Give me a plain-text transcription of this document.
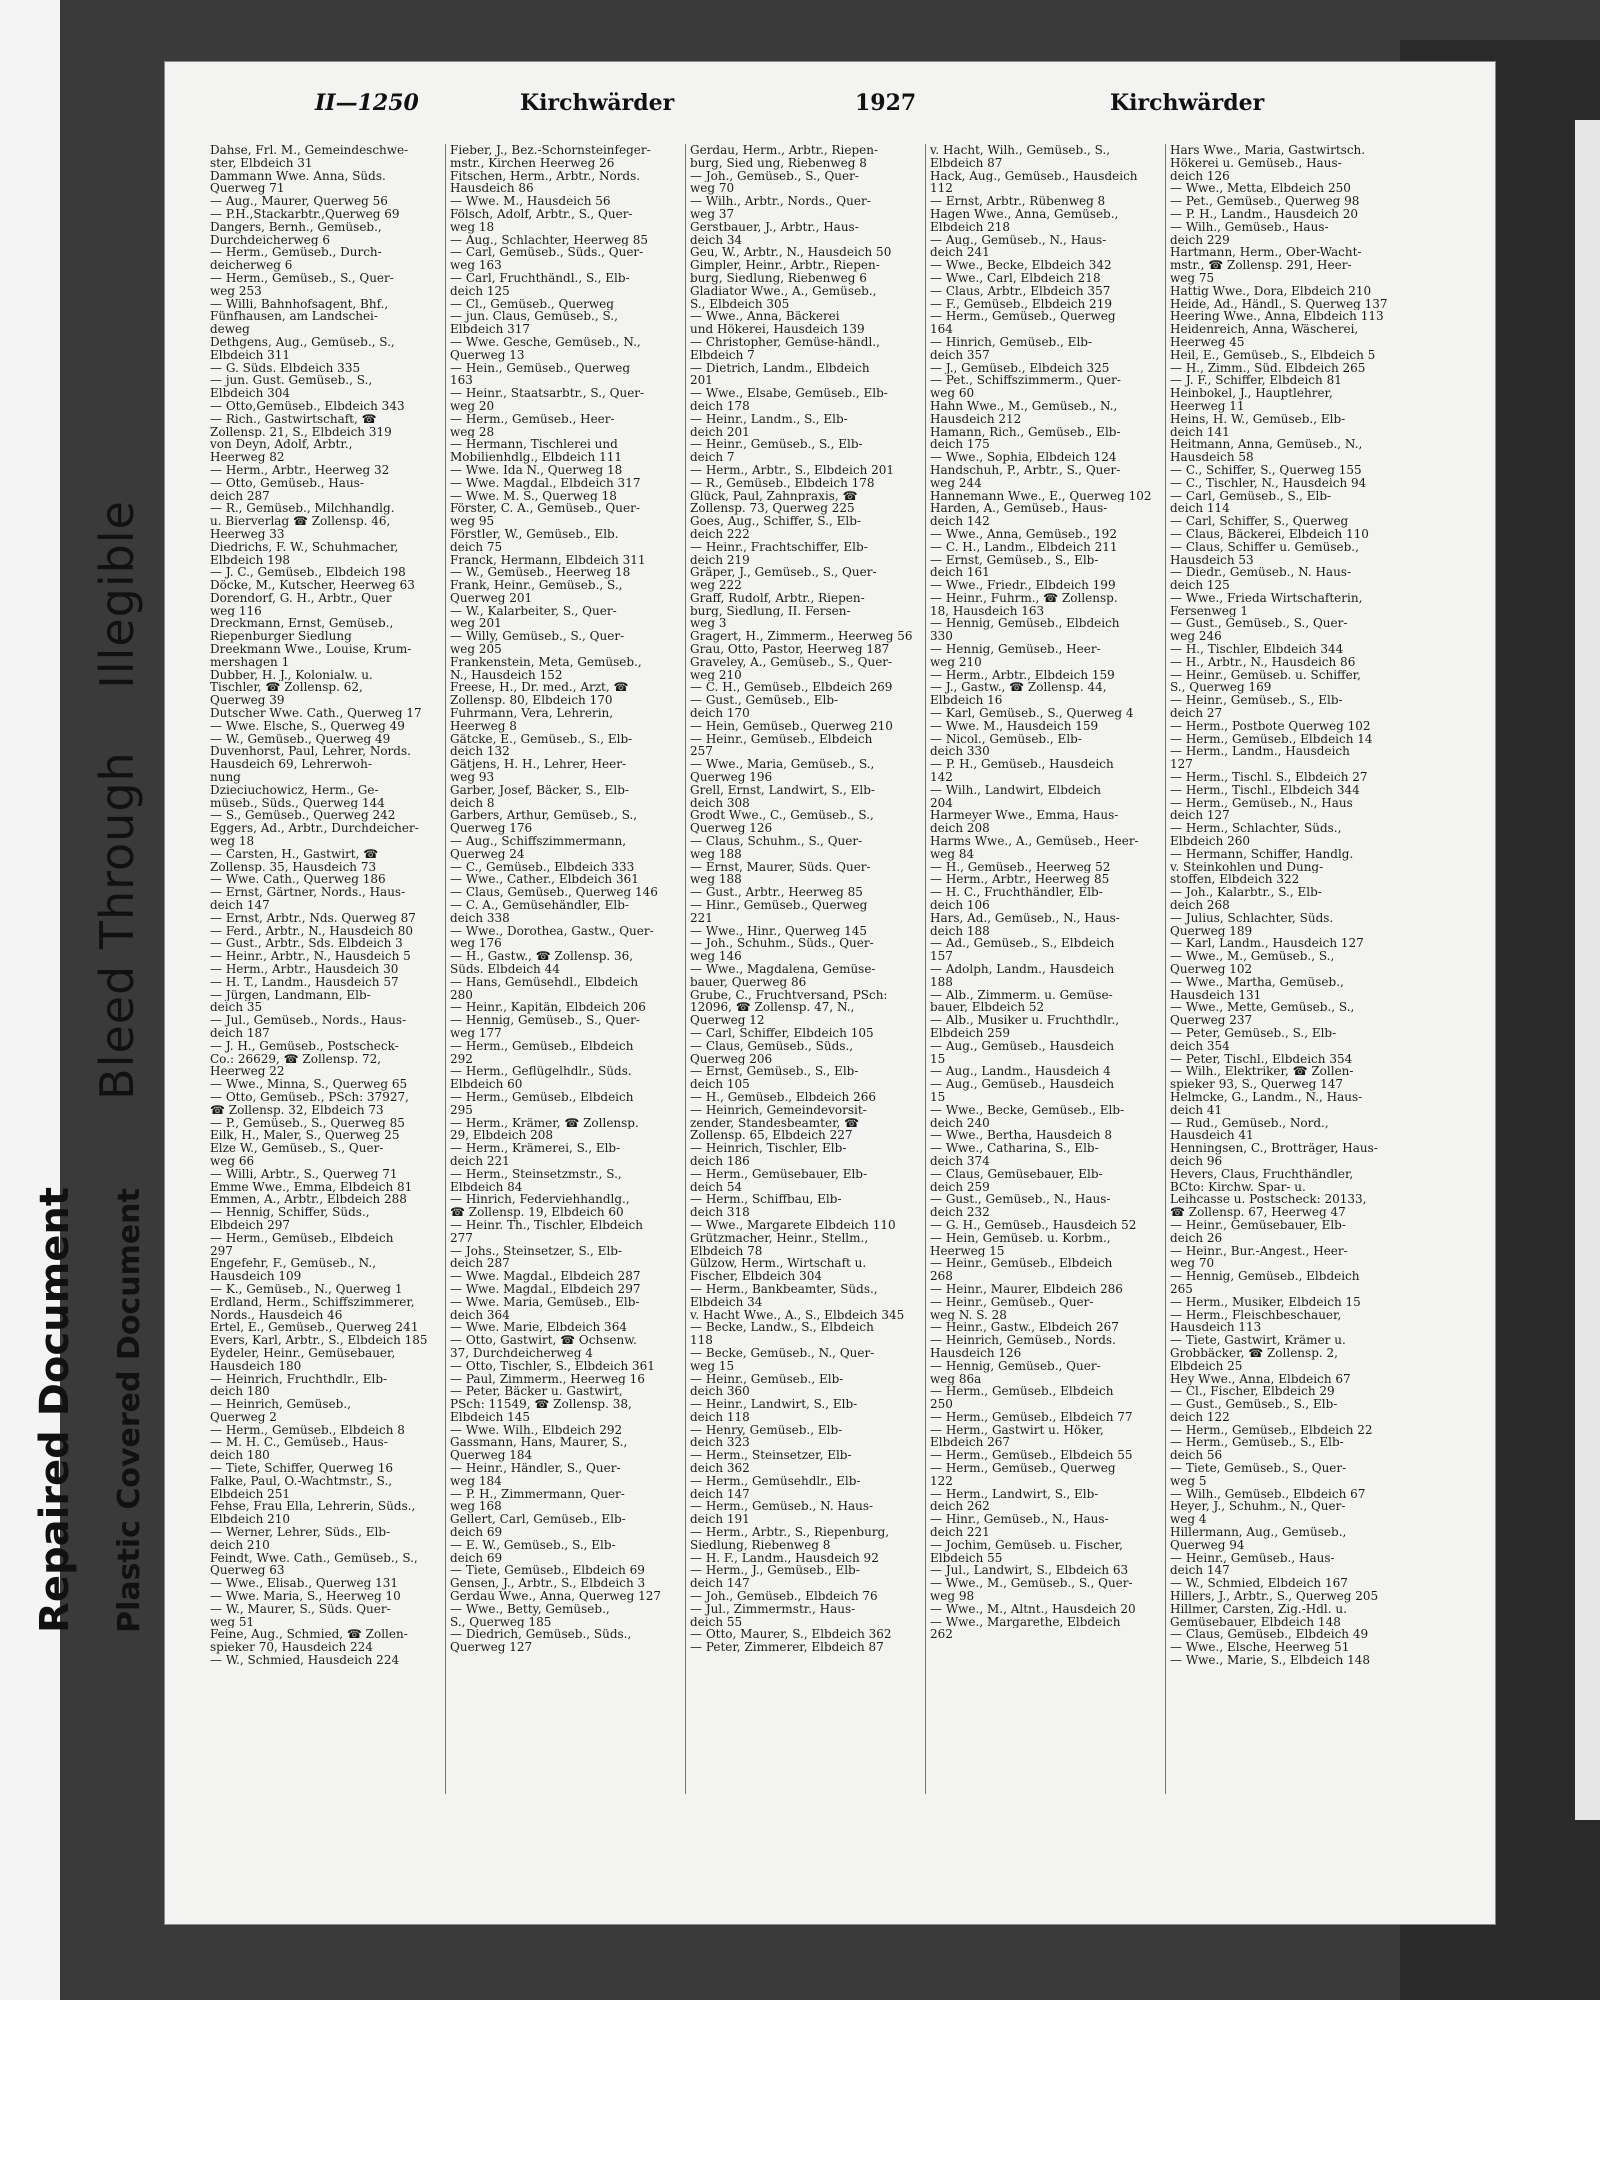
Bleed Through    Illegible
Repaired Document Plastic Covered Document
II—1250	Kirchwärder	1927	Kirchwärder
Dahse, Frl. M., Gemeindeschwe-
ster, Elbdeich 31
Dammann Wwe. Anna, Süds.
Querweg 71
— Aug., Maurer, Querweg 56
— P.H.,Stackarbtr.,Querweg 69
Dangers, Bernh., Gemüseb.,
Durchdeicherweg 6
— Herm., Gemüseb., Durch-
deicherweg 6
— Herm., Gemüseb., S., Quer-
weg 253
— Willi, Bahnhofsagent, Bhf.,
Fünfhausen, am Landschei-
deweg
Dethgens, Aug., Gemüseb., S.,
Elbdeich 311
— G. Süds. Elbdeich 335
— jun. Gust. Gemüseb., S.,
Elbdeich 304
— Otto,Gemüseb., Elbdeich 343
— Rich., Gastwirtschaft, ☎
Zollensp. 21, S., Elbdeich 319
von Deyn, Adolf, Arbtr.,
Heerweg 82
— Herm., Arbtr., Heerweg 32
— Otto, Gemüseb., Haus-
deich 287
— R., Gemüseb., Milchhandlg.
u. Bierverlag ☎ Zollensp. 46,
Heerweg 33
Diedrichs, F. W., Schuhmacher,
Elbdeich 198
— J. C., Gemüseb., Elbdeich 198
Döcke, M., Kutscher, Heerweg 63
Dorendorf, G. H., Arbtr., Quer
weg 116
Dreckmann, Ernst, Gemüseb.,
Riepenburger Siedlung
Dreekmann Wwe., Louise, Krum-
mershagen 1
Dubber, H. J., Kolonialw. u.
Tischler, ☎ Zollensp. 62,
Querweg 39
Dutscher Wwe. Cath., Querweg 17
— Wwe. Elsche, S., Querweg 49
— W., Gemüseb., Querweg 49
Duvenhorst, Paul, Lehrer, Nords.
Hausdeich 69, Lehrerwoh-
nung
Dzieciuchowicz, Herm., Ge-
müseb., Süds., Querweg 144
— S., Gemüseb., Querweg 242
Eggers, Ad., Arbtr., Durchdeicher-
weg 18
— Carsten, H., Gastwirt, ☎
Zollensp. 35, Hausdeich 73
— Wwe. Cath., Querweg 186
— Ernst, Gärtner, Nords., Haus-
deich 147
— Ernst, Arbtr., Nds. Querweg 87
— Ferd., Arbtr., N., Hausdeich 80
— Gust., Arbtr., Sds. Elbdeich 3
— Heinr., Arbtr., N., Hausdeich 5
— Herm., Arbtr., Hausdeich 30
— H. T., Landm., Hausdeich 57
— Jürgen, Landmann, Elb-
deich 35
— Jul., Gemüseb., Nords., Haus-
deich 187
— J. H., Gemüseb., Postscheck-
Co.: 26629, ☎ Zollensp. 72,
Heerweg 22
— Wwe., Minna, S., Querweg 65
— Otto, Gemüseb., PSch: 37927,
☎ Zollensp. 32, Elbdeich 73
— P., Gemüseb., S., Querweg 85
Eilk, H., Maler, S., Querweg 25
Elze W., Gemüseb., S., Quer-
weg 66
— Willi, Arbtr., S., Querweg 71
Emme Wwe., Emma, Elbdeich 81
Emmen, A., Arbtr., Elbdeich 288
— Hennig, Schiffer, Süds.,
Elbdeich 297
— Herm., Gemüseb., Elbdeich
297
Engefehr, F., Gemüseb., N.,
Hausdeich 109
— K., Gemüseb., N., Querweg 1
Erdland, Herm., Schiffszimmerer,
Nords., Hausdeich 46
Ertel, E., Gemüseb., Querweg 241
Evers, Karl, Arbtr., S., Elbdeich 185
Eydeler, Heinr., Gemüsebauer,
Hausdeich 180
— Heinrich, Fruchthdlr., Elb-
deich 180
— Heinrich, Gemüseb.,
Querweg 2
— Herm., Gemüseb., Elbdeich 8
— M. H. C., Gemüseb., Haus-
deich 180
— Tiete, Schiffer, Querweg 16
Falke, Paul, O.-Wachtmstr., S.,
Elbdeich 251
Fehse, Frau Ella, Lehrerin, Süds.,
Elbdeich 210
— Werner, Lehrer, Süds., Elb-
deich 210
Feindt, Wwe. Cath., Gemüseb., S.,
Querweg 63
— Wwe., Elisab., Querweg 131
— Wwe. Maria, S., Heerweg 10
— W., Maurer, S., Süds. Quer-
weg 51
Feine, Aug., Schmied, ☎ Zollen-
spieker 70, Hausdeich 224
— W., Schmied, Hausdeich 224
Fieber, J., Bez.-Schornsteinfeger-
mstr., Kirchen Heerweg 26
Fitschen, Herm., Arbtr., Nords.
Hausdeich 86
— Wwe. M., Hausdeich 56
Fölsch, Adolf, Arbtr., S., Quer-
weg 18
— Aug., Schlachter, Heerweg 85
— Carl, Gemüseb., Süds., Quer-
weg 163
— Carl, Fruchthändl., S., Elb-
deich 125
— Cl., Gemüseb., Querweg
— jun. Claus, Gemüseb., S.,
Elbdeich 317
— Wwe. Gesche, Gemüseb., N.,
Querweg 13
— Hein., Gemüseb., Querweg
163
— Heinr., Staatsarbtr., S., Quer-
weg 20
— Herm., Gemüseb., Heer-
weg 28
— Hermann, Tischlerei und
Mobilienhdlg., Elbdeich 111
— Wwe. Ida N., Querweg 18
— Wwe. Magdal., Elbdeich 317
— Wwe. M. S., Querweg 18
Förster, C. A., Gemüseb., Quer-
weg 95
Förstler, W., Gemüseb., Elb.
deich 75
Franck, Hermann, Elbdeich 311
— W., Gemüseb., Heerweg 18
Frank, Heinr., Gemüseb., S.,
Querweg 201
— W., Kalarbeiter, S., Quer-
weg 201
— Willy, Gemüseb., S., Quer-
weg 205
Frankenstein, Meta, Gemüseb.,
N., Hausdeich 152
Freese, H., Dr. med., Arzt, ☎
Zollensp. 80, Elbdeich 170
Fuhrmann, Vera, Lehrerin,
Heerweg 8
Gätcke, E., Gemüseb., S., Elb-
deich 132
Gätjens, H. H., Lehrer, Heer-
weg 93
Garber, Josef, Bäcker, S., Elb-
deich 8
Garbers, Arthur, Gemüseb., S.,
Querweg 176
— Aug., Schiffszimmermann,
Querweg 24
— C., Gemüseb., Elbdeich 333
— Wwe., Cather., Elbdeich 361
— Claus, Gemüseb., Querweg 146
— C. A., Gemüsehändler, Elb-
deich 338
— Wwe., Dorothea, Gastw., Quer-
weg 176
— H., Gastw., ☎ Zollensp. 36,
Süds. Elbdeich 44
— Hans, Gemüsehdl., Elbdeich
280
— Heinr., Kapitän, Elbdeich 206
— Hennig, Gemüseb., S., Quer-
weg 177
— Herm., Gemüseb., Elbdeich
292
— Herm., Geflügelhdlr., Süds.
Elbdeich 60
— Herm., Gemüseb., Elbdeich
295
— Herm., Krämer, ☎ Zollensp.
29, Elbdeich 208
— Herm., Krämerei, S., Elb-
deich 221
— Herm., Steinsetzmstr., S.,
Elbdeich 84
— Hinrich, Federviehhandlg.,
☎ Zollensp. 19, Elbdeich 60
— Heinr. Th., Tischler, Elbdeich
277
— Johs., Steinsetzer, S., Elb-
deich 287
— Wwe. Magdal., Elbdeich 287
— Wwe. Magdal., Elbdeich 297
— Wwe. Maria, Gemüseb., Elb-
deich 364
— Wwe. Marie, Elbdeich 364
— Otto, Gastwirt, ☎ Ochsenw.
37, Durchdeicherweg 4
— Otto, Tischler, S., Elbdeich 361
— Paul, Zimmerm., Heerweg 16
— Peter, Bäcker u. Gastwirt,
PSch: 11549, ☎ Zollensp. 38,
Elbdeich 145
— Wwe. Wilh., Elbdeich 292
Gassmann, Hans, Maurer, S.,
Querweg 184
— Heinr., Händler, S., Quer-
weg 184
— P. H., Zimmermann, Quer-
weg 168
Gellert, Carl, Gemüseb., Elb-
deich 69
— E. W., Gemüseb., S., Elb-
deich 69
— Tiete, Gemüseb., Elbdeich 69
Gensen, J., Arbtr., S., Elbdeich 3
Gerdau Wwe., Anna, Querweg 127
— Wwe., Betty, Gemüseb.,
S., Querweg 185
— Diedrich, Gemüseb., Süds.,
Querweg 127
Gerdau, Herm., Arbtr., Riepen-
burg, Sied ung, Riebenweg 8
— Joh., Gemüseb., S., Quer-
weg 70
— Wilh., Arbtr., Nords., Quer-
weg 37
Gerstbauer, J., Arbtr., Haus-
deich 34
Geu, W., Arbtr., N., Hausdeich 50
Gimpler, Heinr., Arbtr., Riepen-
burg, Siedlung, Riebenweg 6
Gladiator Wwe., A., Gemüseb.,
S., Elbdeich 305
— Wwe., Anna, Bäckerei
und Hökerei, Hausdeich 139
— Christopher, Gemüse-händl.,
Elbdeich 7
— Dietrich, Landm., Elbdeich
201
— Wwe., Elsabe, Gemüseb., Elb-
deich 178
— Heinr., Landm., S., Elb-
deich 201
— Heinr., Gemüseb., S., Elb-
deich 7
— Herm., Arbtr., S., Elbdeich 201
— R., Gemüseb., Elbdeich 178
Glück, Paul, Zahnpraxis, ☎
Zollensp. 73, Querweg 225
Goes, Aug., Schiffer, S., Elb-
deich 222
— Heinr., Frachtschiffer, Elb-
deich 219
Gräper, J., Gemüseb., S., Quer-
weg 222
Graff, Rudolf, Arbtr., Riepen-
burg, Siedlung, II. Fersen-
weg 3
Gragert, H., Zimmerm., Heerweg 56
Grau, Otto, Pastor, Heerweg 187
Graveley, A., Gemüseb., S., Quer-
weg 210
— C. H., Gemüseb., Elbdeich 269
— Gust., Gemüseb., Elb-
deich 170
— Hein, Gemüseb., Querweg 210
— Heinr., Gemüseb., Elbdeich
257
— Wwe., Maria, Gemüseb., S.,
Querweg 196
Grell, Ernst, Landwirt, S., Elb-
deich 308
Grodt Wwe., C., Gemüseb., S.,
Querweg 126
— Claus, Schuhm., S., Quer-
weg 188
— Ernst, Maurer, Süds. Quer-
weg 188
— Gust., Arbtr., Heerweg 85
— Hinr., Gemüseb., Querweg
221
— Wwe., Hinr., Querweg 145
— Joh., Schuhm., Süds., Quer-
weg 146
— Wwe., Magdalena, Gemüse-
bauer, Querweg 86
Grube, C., Fruchtversand, PSch:
12096, ☎ Zollensp. 47, N.,
Querweg 12
— Carl, Schiffer, Elbdeich 105
— Claus, Gemüseb., Süds.,
Querweg 206
— Ernst, Gemüseb., S., Elb-
deich 105
— H., Gemüseb., Elbdeich 266
— Heinrich, Gemeindevorsit-
zender, Standesbeamter, ☎
Zollensp. 65, Elbdeich 227
— Heinrich, Tischler, Elb-
deich 186
— Herm., Gemüsebauer, Elb-
deich 54
— Herm., Schiffbau, Elb-
deich 318
— Wwe., Margarete Elbdeich 110
Grützmacher, Heinr., Stellm.,
Elbdeich 78
Gülzow, Herm., Wirtschaft u.
Fischer, Elbdeich 304
— Herm., Bankbeamter, Süds.,
Elbdeich 34
v. Hacht Wwe., A., S., Elbdeich 345
— Becke, Landw., S., Elbdeich
118
— Becke, Gemüseb., N., Quer-
weg 15
— Heinr., Gemüseb., Elb-
deich 360
— Heinr., Landwirt, S., Elb-
deich 118
— Henry, Gemüseb., Elb-
deich 323
— Herm., Steinsetzer, Elb-
deich 362
— Herm., Gemüsehdlr., Elb-
deich 147
— Herm., Gemüseb., N. Haus-
deich 191
— Herm., Arbtr., S., Riepenburg,
Siedlung, Riebenweg 8
— H. F., Landm., Hausdeich 92
— Herm., J., Gemüseb., Elb-
deich 147
— Joh., Gemüseb., Elbdeich 76
— Jul., Zimmermstr., Haus-
deich 55
— Otto, Maurer, S., Elbdeich 362
— Peter, Zimmerer, Elbdeich 87
v. Hacht, Wilh., Gemüseb., S.,
Elbdeich 87
Hack, Aug., Gemüseb., Hausdeich
112
— Ernst, Arbtr., Rübenweg 8
Hagen Wwe., Anna, Gemüseb.,
Elbdeich 218
— Aug., Gemüseb., N., Haus-
deich 241
— Wwe., Becke, Elbdeich 342
— Wwe., Carl, Elbdeich 218
— Claus, Arbtr., Elbdeich 357
— F., Gemüseb., Elbdeich 219
— Herm., Gemüseb., Querweg
164
— Hinrich, Gemüseb., Elb-
deich 357
— J., Gemüseb., Elbdeich 325
— Pet., Schiffszimmerm., Quer-
weg 60
Hahn Wwe., M., Gemüseb., N.,
Hausdeich 212
Hamann, Rich., Gemüseb., Elb-
deich 175
— Wwe., Sophia, Elbdeich 124
Handschuh, P., Arbtr., S., Quer-
weg 244
Hannemann Wwe., E., Querweg 102
Harden, A., Gemüseb., Haus-
deich 142
— Wwe., Anna, Gemüseb., 192
— C. H., Landm., Elbdeich 211
— Ernst, Gemüseb., S., Elb-
deich 161
— Wwe., Friedr., Elbdeich 199
— Heinr., Fuhrm., ☎ Zollensp.
18, Hausdeich 163
— Hennig, Gemüseb., Elbdeich
330
— Hennig, Gemüseb., Heer-
weg 210
— Herm., Arbtr., Elbdeich 159
— J., Gastw., ☎ Zollensp. 44,
Elbdeich 16
— Karl, Gemüseb., S., Querweg 4
— Wwe. M., Hausdeich 159
— Nicol., Gemüseb., Elb-
deich 330
— P. H., Gemüseb., Hausdeich
142
— Wilh., Landwirt, Elbdeich
204
Harmeyer Wwe., Emma, Haus-
deich 208
Harms Wwe., A., Gemüseb., Heer-
weg 84
— H., Gemüseb., Heerweg 52
— Herm., Arbtr., Heerweg 85
— H. C., Fruchthändler, Elb-
deich 106
Hars, Ad., Gemüseb., N., Haus-
deich 188
— Ad., Gemüseb., S., Elbdeich
157
— Adolph, Landm., Hausdeich
188
— Alb., Zimmerm. u. Gemüse-
bauer, Elbdeich 52
— Alb., Musiker u. Fruchthdlr.,
Elbdeich 259
— Aug., Gemüseb., Hausdeich
15
— Aug., Landm., Hausdeich 4
— Aug., Gemüseb., Hausdeich
15
— Wwe., Becke, Gemüseb., Elb-
deich 240
— Wwe., Bertha, Hausdeich 8
— Wwe., Catharina, S., Elb-
deich 374
— Claus, Gemüsebauer, Elb-
deich 259
— Gust., Gemüseb., N., Haus-
deich 232
— G. H., Gemüseb., Hausdeich 52
— Hein, Gemüseb. u. Korbm.,
Heerweg 15
— Heinr., Gemüseb., Elbdeich
268
— Heinr., Maurer, Elbdeich 286
— Heinr., Gemüseb., Quer-
weg N. S. 28
— Heinr., Gastw., Elbdeich 267
— Heinrich, Gemüseb., Nords.
Hausdeich 126
— Hennig, Gemüseb., Quer-
weg 86a
— Herm., Gemüseb., Elbdeich
250
— Herm., Gemüseb., Elbdeich 77
— Herm., Gastwirt u. Höker,
Elbdeich 267
— Herm., Gemüseb., Elbdeich 55
— Herm., Gemüseb., Querweg
122
— Herm., Landwirt, S., Elb-
deich 262
— Hinr., Gemüseb., N., Haus-
deich 221
— Jochim, Gemüseb. u. Fischer,
Elbdeich 55
— Jul., Landwirt, S., Elbdeich 63
— Wwe., M., Gemüseb., S., Quer-
weg 98
— Wwe., M., Altnt., Hausdeich 20
— Wwe., Margarethe, Elbdeich
262
Hars Wwe., Maria, Gastwirtsch.
Hökerei u. Gemüseb., Haus-
deich 126
— Wwe., Metta, Elbdeich 250
— Pet., Gemüseb., Querweg 98
— P. H., Landm., Hausdeich 20
— Wilh., Gemüseb., Haus-
deich 229
Hartmann, Herm., Ober-Wacht-
mstr., ☎ Zollensp. 291, Heer-
weg 75
Hattig Wwe., Dora, Elbdeich 210
Heide, Ad., Händl., S. Querweg 137
Heering Wwe., Anna, Elbdeich 113
Heidenreich, Anna, Wäscherei,
Heerweg 45
Heil, E., Gemüseb., S., Elbdeich 5
— H., Zimm., Süd. Elbdeich 265
— J. F., Schiffer, Elbdeich 81
Heinbokel, J., Hauptlehrer,
Heerweg 11
Heins, H. W., Gemüseb., Elb-
deich 141
Heitmann, Anna, Gemüseb., N.,
Hausdeich 58
— C., Schiffer, S., Querweg 155
— C., Tischler, N., Hausdeich 94
— Carl, Gemüseb., S., Elb-
deich 114
— Carl, Schiffer, S., Querweg
— Claus, Bäckerei, Elbdeich 110
— Claus, Schiffer u. Gemüseb.,
Hausdeich 53
— Diedr., Gemüseb., N. Haus-
deich 125
— Wwe., Frieda Wirtschafterin,
Fersenweg 1
— Gust., Gemüseb., S., Quer-
weg 246
— H., Tischler, Elbdeich 344
— H., Arbtr., N., Hausdeich 86
— Heinr., Gemüseb. u. Schiffer,
S., Querweg 169
— Heinr., Gemüseb., S., Elb-
deich 27
— Herm., Postbote Querweg 102
— Herm., Gemüseb., Elbdeich 14
— Herm., Landm., Hausdeich
127
— Herm., Tischl. S., Elbdeich 27
— Herm., Tischl., Elbdeich 344
— Herm., Gemüseb., N., Haus
deich 127
— Herm., Schlachter, Süds.,
Elbdeich 260
— Hermann, Schiffer, Handlg.
v. Steinkohlen und Dung-
stoffen, Elbdeich 322
— Joh., Kalarbtr., S., Elb-
deich 268
— Julius, Schlachter, Süds.
Querweg 189
— Karl, Landm., Hausdeich 127
— Wwe., M., Gemüseb., S.,
Querweg 102
— Wwe., Martha, Gemüseb.,
Hausdeich 131
— Wwe., Mette, Gemüseb., S.,
Querweg 237
— Peter, Gemüseb., S., Elb-
deich 354
— Peter, Tischl., Elbdeich 354
— Wilh., Elektriker, ☎ Zollen-
spieker 93, S., Querweg 147
Helmcke, G., Landm., N., Haus-
deich 41
— Rud., Gemüseb., Nord.,
Hausdeich 41
Henningsen, C., Brotträger, Haus-
deich 96
Hevers, Claus, Fruchthändler,
BCto: Kirchw. Spar- u.
Leihcasse u. Postscheck: 20133,
☎ Zollensp. 67, Heerweg 47
— Heinr., Gemüsebauer, Elb-
deich 26
— Heinr., Bur.-Angest., Heer-
weg 70
— Hennig, Gemüseb., Elbdeich
265
— Herm., Musiker, Elbdeich 15
— Herm., Fleischbeschauer,
Hausdeich 113
— Tiete, Gastwirt, Krämer u.
Grobbäcker, ☎ Zollensp. 2,
Elbdeich 25
Hey Wwe., Anna, Elbdeich 67
— Cl., Fischer, Elbdeich 29
— Gust., Gemüseb., S., Elb-
deich 122
— Herm., Gemüseb., Elbdeich 22
— Herm., Gemüseb., S., Elb-
deich 56
— Tiete, Gemüseb., S., Quer-
weg 5
— Wilh., Gemüseb., Elbdeich 67
Heyer, J., Schuhm., N., Quer-
weg 4
Hillermann, Aug., Gemüseb.,
Querweg 94
— Heinr., Gemüseb., Haus-
deich 147
— W., Schmied, Elbdeich 167
Hillers, J., Arbtr., S., Querweg 205
Hillmer, Carsten, Zig.-Hdl. u.
Gemüsebauer, Elbdeich 148
— Claus, Gemüseb., Elbdeich 49
— Wwe., Elsche, Heerweg 51
— Wwe., Marie, S., Elbdeich 148
